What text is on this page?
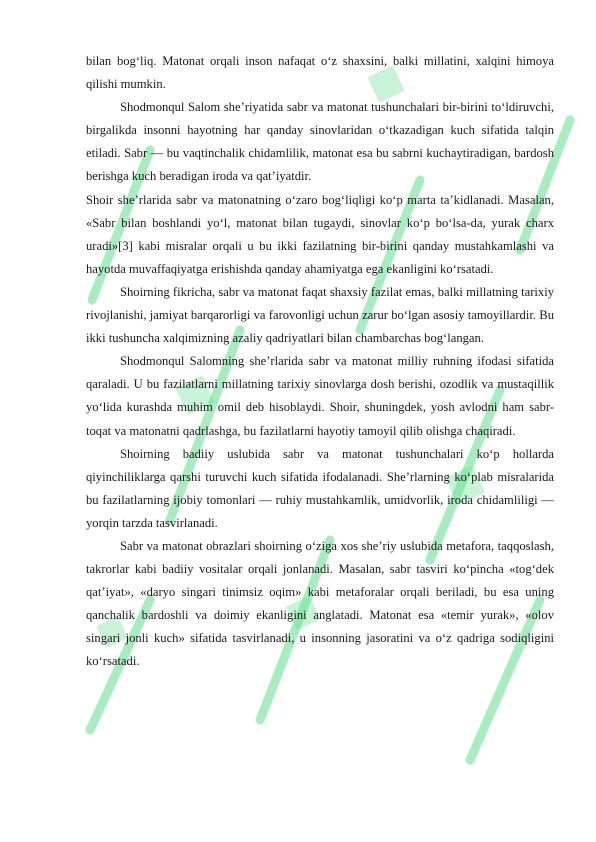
bilan bog‘liq. Matonat orqali inson nafaqat o‘z shaxsini, balki millatini, xalqini himoya qilishi mumkin.

Shodmonqul Salom she’riyatida sabr va matonat tushunchalari bir-birini to‘ldiruvchi, birgalikda insonni hayotning har qanday sinovlaridan o‘tkazadigan kuch sifatida talqin etiladi. Sabr — bu vaqtinchalik chidamlilik, matonat esa bu sabrni kuchaytiradigan, bardosh berishga kuch beradigan iroda va qat’iyatdir.

Shoir she’rlarida sabr va matonatning o‘zaro bog‘liqligi ko‘p marta ta’kidlanadi. Masalan, «Sabr bilan boshlandi yo‘l, matonat bilan tugaydi, sinovlar ko‘p bo‘lsa-da, yurak charx uradi»[3] kabi misralar orqali u bu ikki fazilatning bir-birini qanday mustahkamlashi va hayotda muvaffaqiyatga erishishda qanday ahamiyatga ega ekanligini ko‘rsatadi.

Shoirning fikricha, sabr va matonat faqat shaxsiy fazilat emas, balki millatning tarixiy rivojlanishi, jamiyat barqarorligi va farovonligi uchun zarur bo‘lgan asosiy tamoyillardir. Bu ikki tushuncha xalqimizning azaliy qadriyatlari bilan chambarchas bog‘langan.

Shodmonqul Salomning she’rlarida sabr va matonat milliy ruhning ifodasi sifatida qaraladi. U bu fazilatlarni millatning tarixiy sinovlarga dosh berishi, ozodlik va mustaqillik yo‘lida kurashda muhim omil deb hisoblaydi. Shoir, shuningdek, yosh avlodni ham sabr-toqat va matonatni qadrlashga, bu fazilatlarni hayotiy tamoyil qilib olishga chaqiradi.

Shoirning badiiy uslubida sabr va matonat tushunchalari ko‘p hollarda qiyinchiliklarga qarshi turuvchi kuch sifatida ifodalanadi. She’rlarning ko‘plab misralarida bu fazilatlarning ijobiy tomonlari — ruhiy mustahkamlik, umidvorlik, iroda chidamliligi — yorqin tarzda tasvirlanadi.

Sabr va matonat obrazlari shoirning o‘ziga xos she’riy uslubida metafora, taqqoslash, takrorlar kabi badiiy vositalar orqali jonlanadi. Masalan, sabr tasviri ko‘pincha «tog‘dek qat’iyat», «daryo singari tinimsiz oqim» kabi metaforalar orqali beriladi, bu esa uning qanchalik bardoshli va doimiy ekanligini anglatadi. Matonat esa «temir yurak», «olov singari jonli kuch» sifatida tasvirlanadi, u insonning jasoratini va o‘z qadriga sodiqligini ko‘rsatadi.
